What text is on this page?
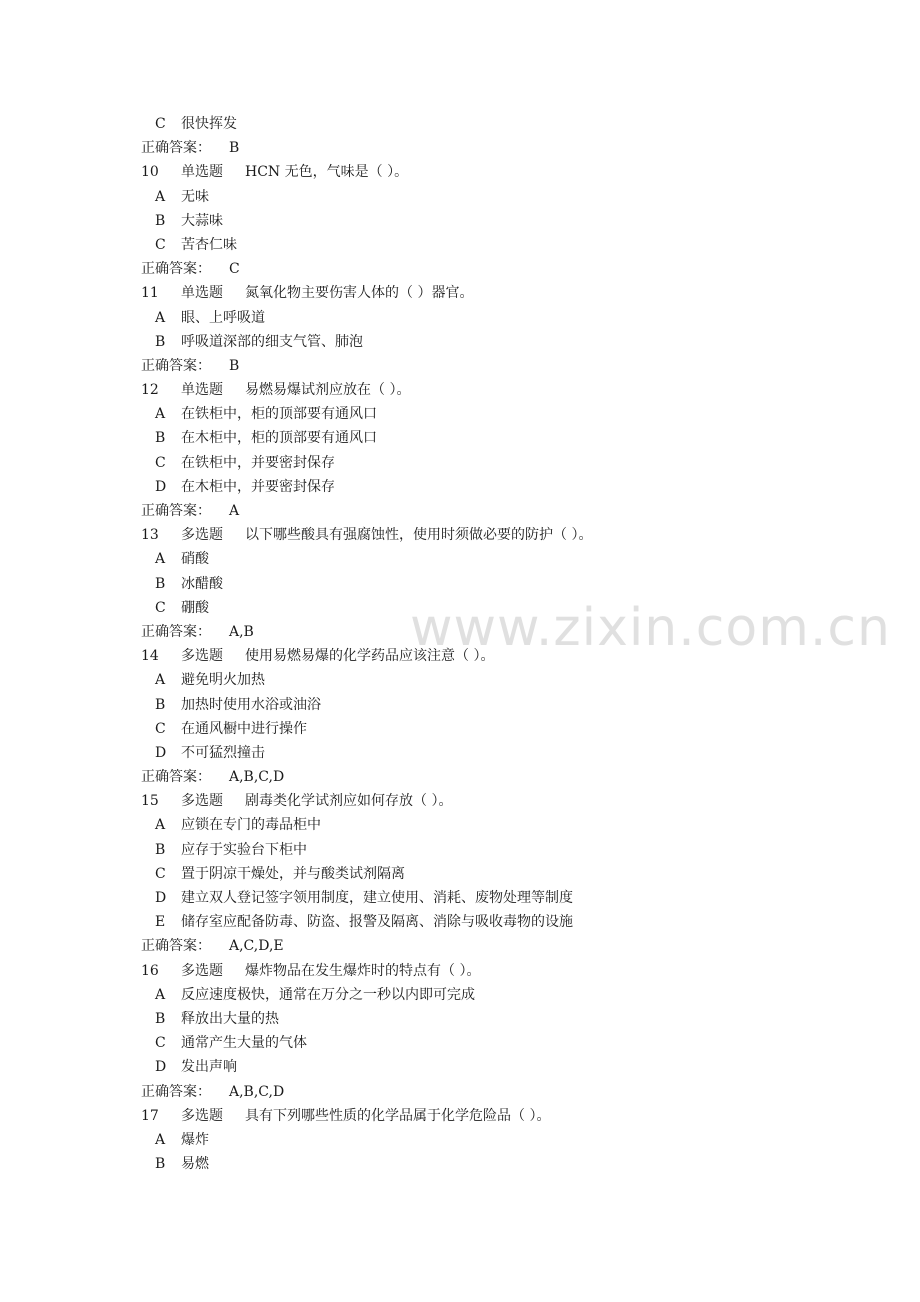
www.zixin.com.cn
C 很快挥发
正确答案： B
10 单选题 HCN 无色，气味是（ ）。
A 无味
B 大蒜味
C 苦杏仁味
正确答案： C
11 单选题 氮氧化物主要伤害人体的（ ）器官。
A 眼、上呼吸道
B 呼吸道深部的细支气管、肺泡
正确答案： B
12 单选题 易燃易爆试剂应放在（ ）。
A 在铁柜中，柜的顶部要有通风口
B 在木柜中，柜的顶部要有通风口
C 在铁柜中，并要密封保存
D 在木柜中，并要密封保存
正确答案： A
13 多选题 以下哪些酸具有强腐蚀性，使用时须做必要的防护（ ）。
A 硝酸
B 冰醋酸
C 硼酸
正确答案： A,B
14 多选题 使用易燃易爆的化学药品应该注意（ ）。
A 避免明火加热
B 加热时使用水浴或油浴
C 在通风橱中进行操作
D 不可猛烈撞击
正确答案： A,B,C,D
15 多选题 剧毒类化学试剂应如何存放（ ）。
A 应锁在专门的毒品柜中
B 应存于实验台下柜中
C 置于阴凉干燥处，并与酸类试剂隔离
D 建立双人登记签字领用制度，建立使用、消耗、废物处理等制度
E 储存室应配备防毒、防盗、报警及隔离、消除与吸收毒物的设施
正确答案： A,C,D,E
16 多选题 爆炸物品在发生爆炸时的特点有（ ）。
A 反应速度极快，通常在万分之一秒以内即可完成
B 释放出大量的热
C 通常产生大量的气体
D 发出声响
正确答案： A,B,C,D
17 多选题 具有下列哪些性质的化学品属于化学危险品（ ）。
A 爆炸
B 易燃
